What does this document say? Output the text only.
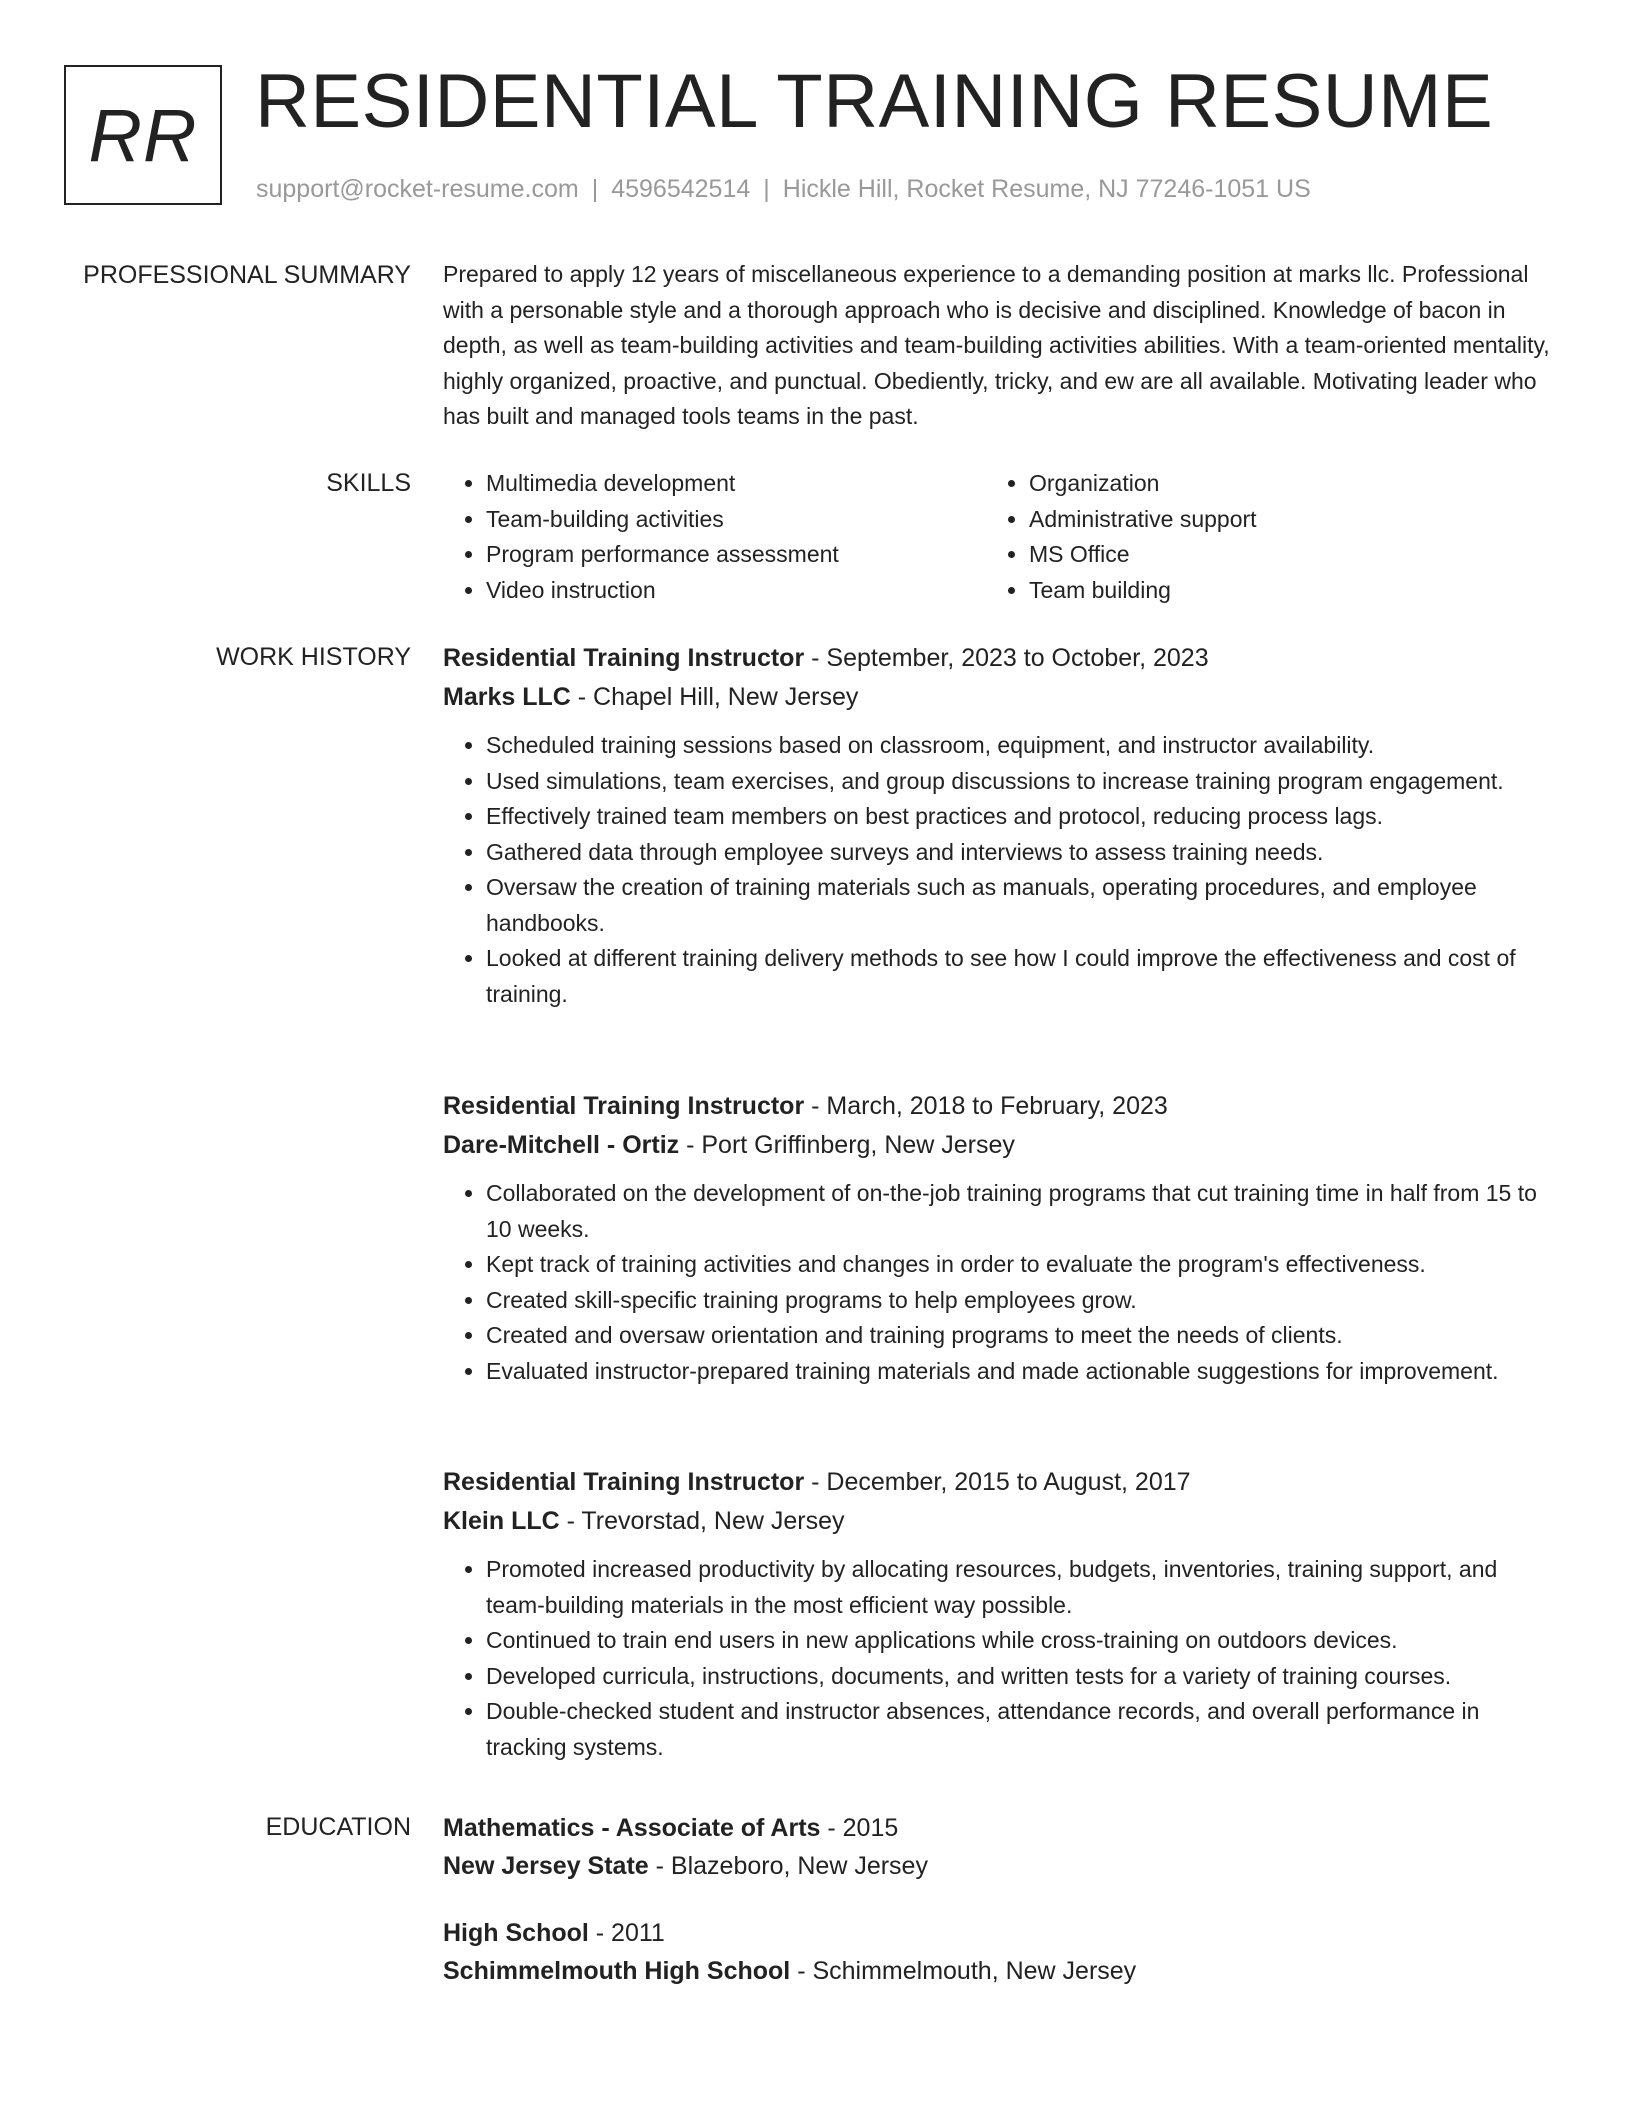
RR RESIDENTIAL TRAINING RESUME
support@rocket-resume.com | 4596542514 | Hickle Hill, Rocket Resume, NJ 77246-1051 US
PROFESSIONAL SUMMARY Prepared to apply 12 years of miscellaneous experience to a demanding position at marks llc. Professional with a personable style and a thorough approach who is decisive and disciplined. Knowledge of bacon in depth, as well as team-building activities and team-building activities abilities. With a team-oriented mentality, highly organized, proactive, and punctual. Obediently, tricky, and ew are all available. Motivating leader who has built and managed tools teams in the past.

SKILLS
•	Multimedia development
• Team-building activities
• Program performance assessment
• Video instruction
• Organization
• Administrative support
• MS Office
• Team building
WORK HISTORY Residential Training Instructor - September, 2023 to October, 2023
Marks LLC - Chapel Hill, New Jersey
• Scheduled training sessions based on classroom, equipment, and instructor availability.
• Used simulations, team exercises, and group discussions to increase training program engagement.
• Effectively trained team members on best practices and protocol, reducing process lags.
• Gathered data through employee surveys and interviews to assess training needs.
• Oversaw the creation of training materials such as manuals, operating procedures, and employee handbooks.
• Looked at different training delivery methods to see how I could improve the effectiveness and cost of training.
Residential Training Instructor - March, 2018 to February, 2023
Dare-Mitchell - Ortiz - Port Griffinberg, New Jersey
• Collaborated on the development of on-the-job training programs that cut training time in half from 15 to 10 weeks.
• Kept track of training activities and changes in order to evaluate the program's effectiveness.
• Created skill-specific training programs to help employees grow.
• Created and oversaw orientation and training programs to meet the needs of clients.
• Evaluated instructor-prepared training materials and made actionable suggestions for improvement.
Residential Training Instructor - December, 2015 to August, 2017
Klein LLC - Trevorstad, New Jersey
• Promoted increased productivity by allocating resources, budgets, inventories, training support, and team-building materials in the most efficient way possible.
• Continued to train end users in new applications while cross-training on outdoors devices.
• Developed curricula, instructions, documents, and written tests for a variety of training courses.
• Double-checked student and instructor absences, attendance records, and overall performance in tracking systems.
EDUCATION Mathematics - Associate of Arts - 2015
New Jersey State - Blazeboro, New Jersey
High School - 2011
Schimmelmouth High School - Schimmelmouth, New Jersey
